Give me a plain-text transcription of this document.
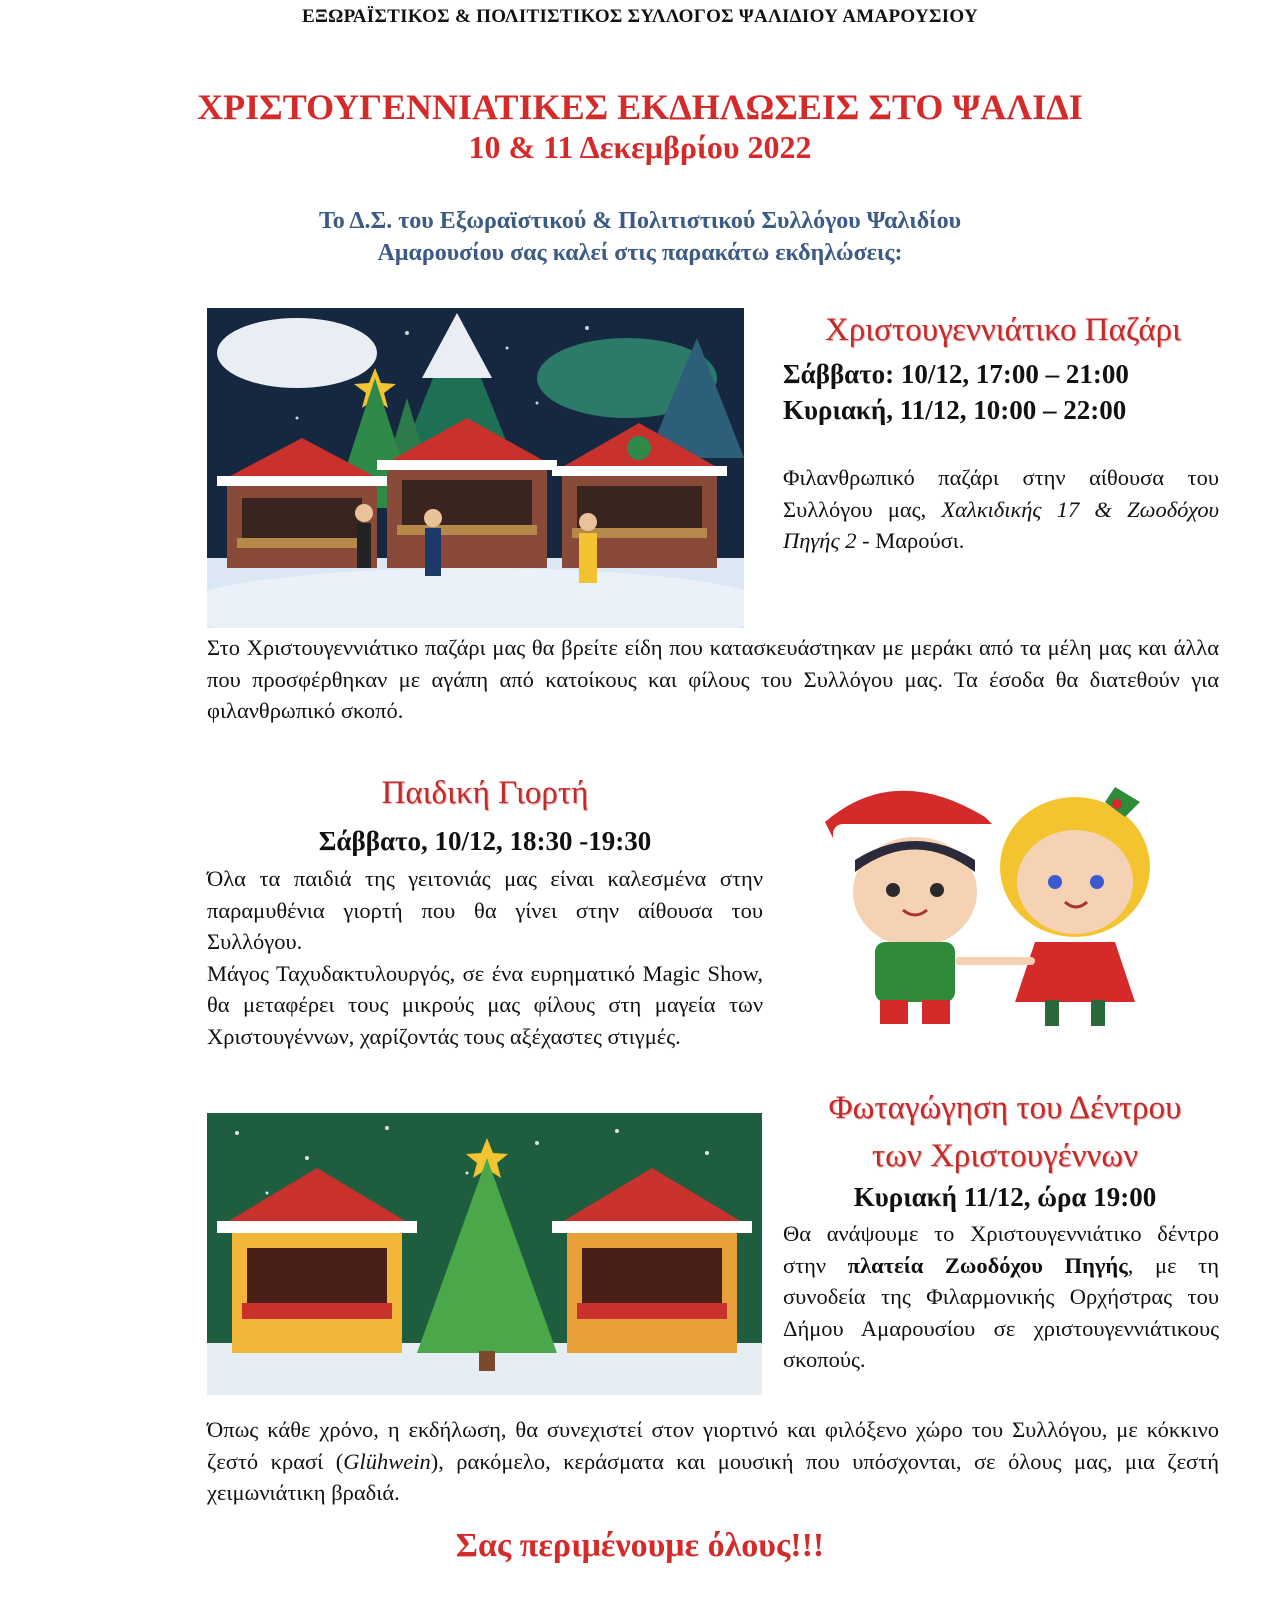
ΕΞΩΡΑΪΣΤΙΚΟΣ & ΠΟΛΙΤΙΣΤΙΚΟΣ ΣΥΛΛΟΓΟΣ ΨΑΛΙΔΙΟΥ ΑΜΑΡΟΥΣΙΟΥ
ΧΡΙΣΤΟΥΓΕΝΝΙΑΤΙΚΕΣ ΕΚΔΗΛΩΣΕΙΣ ΣΤΟ ΨΑΛΙΔΙ
10 & 11 Δεκεμβρίου 2022
Το Δ.Σ. του Εξωραϊστικού & Πολιτιστικού Συλλόγου Ψαλιδίου
Αμαρουσίου σας καλεί στις παρακάτω εκδηλώσεις:
Χριστουγεννιάτικο Παζάρι
Σάββατο: 10/12, 17:00 – 21:00
Κυριακή, 11/12, 10:00 – 22:00
Φιλανθρωπικό παζάρι στην αίθουσα του Συλλόγου μας, Χαλκιδικής 17 & Ζωοδόχου Πηγής 2 - Μαρούσι.
Στο Χριστουγεννιάτικο παζάρι μας θα βρείτε είδη που κατασκευάστηκαν με μεράκι από τα μέλη μας και άλλα που προσφέρθηκαν με αγάπη από κατοίκους και φίλους του Συλλόγου μας. Τα έσοδα θα διατεθούν για φιλανθρωπικό σκοπό.
Παιδική Γιορτή
Σάββατο, 10/12, 18:30 -19:30
Όλα τα παιδιά της γειτονιάς μας είναι καλεσμένα στην παραμυθένια γιορτή που θα γίνει στην αίθουσα του Συλλόγου.
Μάγος Ταχυδακτυλουργός, σε ένα ευρηματικό Magic Show, θα μεταφέρει τους μικρούς μας φίλους στη μαγεία των Χριστουγέννων, χαρίζοντάς τους αξέχαστες στιγμές.
Φωταγώγηση του Δέντρου
των Χριστουγέννων
Κυριακή 11/12, ώρα 19:00
Θα ανάψουμε το Χριστουγεννιάτικο δέντρο στην πλατεία Ζωοδόχου Πηγής, με τη συνοδεία της Φιλαρμονικής Ορχήστρας του Δήμου Αμαρουσίου σε χριστουγεννιάτικους σκοπούς.
Όπως κάθε χρόνο, η εκδήλωση, θα συνεχιστεί στον γιορτινό και φιλόξενο χώρο του Συλλόγου, με κόκκινο ζεστό κρασί (Glühwein), ρακόμελο, κεράσματα και μουσική που υπόσχονται, σε όλους μας, μια ζεστή χειμωνιάτικη βραδιά.
Σας περιμένουμε όλους!!!
